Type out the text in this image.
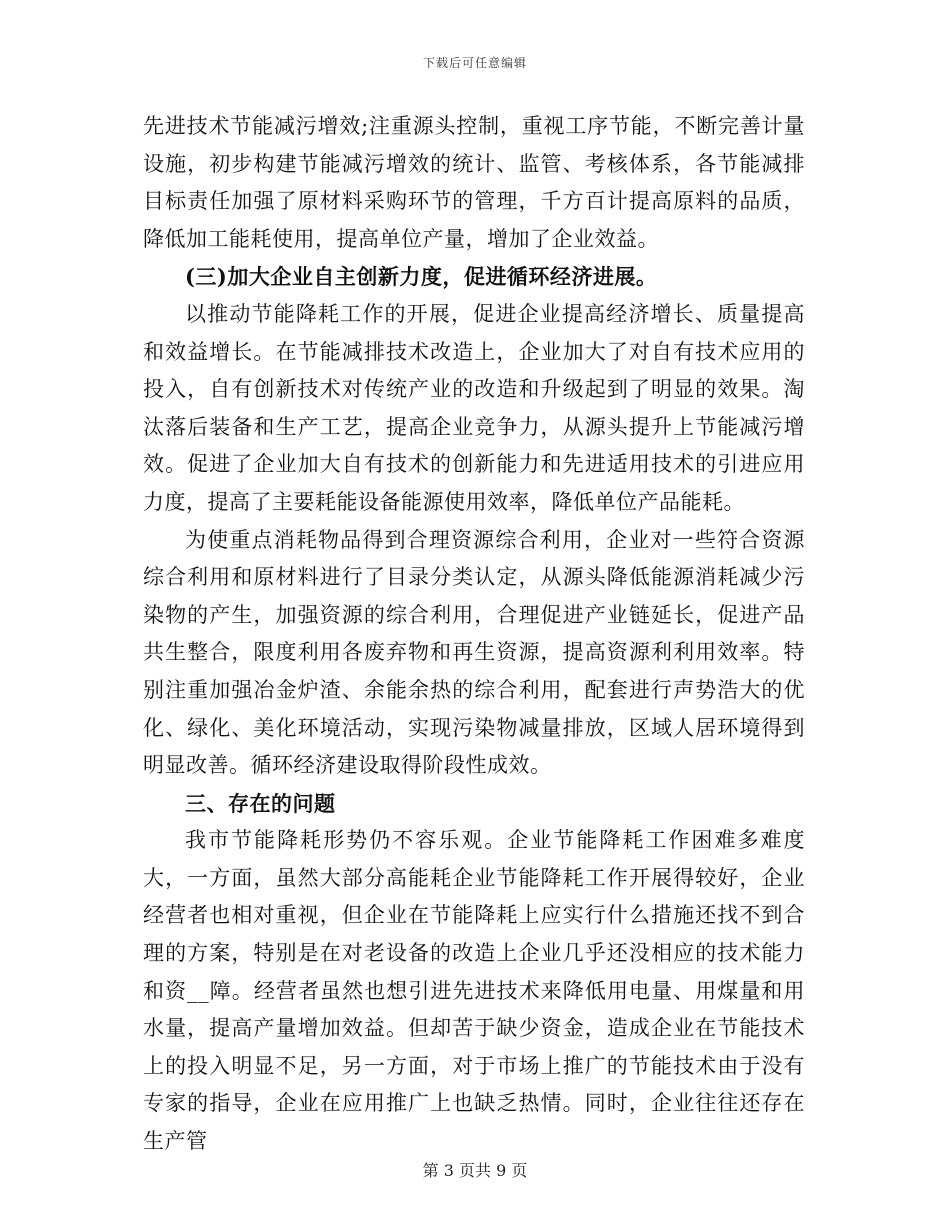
下载后可任意编辑

先进技术节能减污增效;注重源头控制，重视工序节能，不断完善计量设施，初步构建节能减污增效的统计、监管、考核体系，各节能减排目标责任加强了原材料采购环节的管理，千方百计提高原料的品质，降低加工能耗使用，提高单位产量，增加了企业效益。

(三)加大企业自主创新力度，促进循环经济进展。

以推动节能降耗工作的开展，促进企业提高经济增长、质量提高和效益增长。在节能减排技术改造上，企业加大了对自有技术应用的投入，自有创新技术对传统产业的改造和升级起到了明显的效果。淘汰落后装备和生产工艺，提高企业竞争力，从源头提升上节能减污增效。促进了企业加大自有技术的创新能力和先进适用技术的引进应用力度，提高了主要耗能设备能源使用效率，降低单位产品能耗。

为使重点消耗物品得到合理资源综合利用，企业对一些符合资源综合利用和原材料进行了目录分类认定，从源头降低能源消耗减少污染物的产生，加强资源的综合利用，合理促进产业链延长，促进产品共生整合，限度利用各废弃物和再生资源，提高资源利利用效率。特别注重加强冶金炉渣、余能余热的综合利用，配套进行声势浩大的优化、绿化、美化环境活动，实现污染物减量排放，区域人居环境得到明显改善。循环经济建设取得阶段性成效。

三、存在的问题

我市节能降耗形势仍不容乐观。企业节能降耗工作困难多难度大，一方面，虽然大部分高能耗企业节能降耗工作开展得较好，企业经营者也相对重视，但企业在节能降耗上应实行什么措施还找不到合理的方案，特别是在对老设备的改造上企业几乎还没相应的技术能力和资__障。经营者虽然也想引进先进技术来降低用电量、用煤量和用水量，提高产量增加效益。但却苦于缺少资金，造成企业在节能技术上的投入明显不足，另一方面，对于市场上推广的节能技术由于没有专家的指导，企业在应用推广上也缺乏热情。同时，企业往往还存在生产管

第 3 页共 9 页
